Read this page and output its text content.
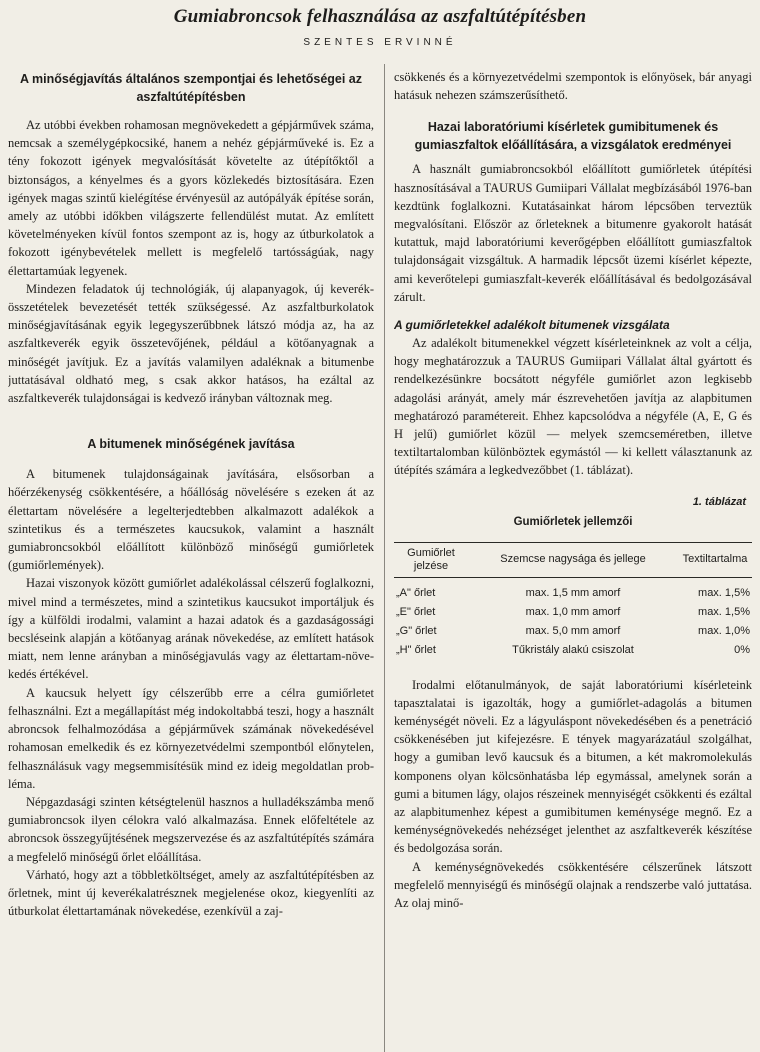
Gumiabroncsok felhasználása az aszfaltútépítésben
SZENTES ERVINNÉ
A minőségjavítás általános szempontjai és lehetőségei az aszfaltútépítésben

Az utóbbi években rohamosan megnövekedett a gépjárművek száma, nemcsak a személygépkocsiké, hanem a nehéz gépjárműveké is. Ez a tény fokozott igények megvalósítását követelte az útépítőktől a biztonságos, a kényelmes és a gyors közlekedés biztosítására. Ezen igények magas szintű kielégítése érvényesül az autópályák építése során, amely az utóbbi időkben világszerte fellendülést mutat. Az említett követelményeken kívül fontos szempont az is, hogy az útburkolatok a fokozott igénybevételek mellett is megfelelő tartósságúak, nagy élettartamúak legyenek.

Mindezen feladatok új technológiák, új alapanyagok, új keverék-összetételek bevezetését tették szükségessé. Az aszfaltburkolatok minőségjavításának egyik legegyszerűbbnek látszó módja az, ha az aszfaltkeverék egyik összetevőjének, például a kötőanyagnak a minőségét javítjuk. Ez a javítás valamilyen adaléknak a bitumenbe juttatásával oldható meg, s csak akkor hatásos, ha ezáltal az aszfaltkeverék tulajdonságai is kedvező irányban változnak meg.

A bitumenek minőségének javítása

A bitumenek tulajdonságainak javítására, elsősorban a hőérzékenység csökkentésére, a hőállóság növelésére s ezeken át az élettartam növelésére a legelterjedtebben alkalmazott adalékok a szintetikus és a természetes kaucsukok, valamint a használt gumiabroncsokból előállított különböző minőségű gumiőrletek (gumiőrlemények).

Hazai viszonyok között gumiőrlet adalékolással célszerű foglalkozni, mivel mind a természetes, mind a szintetikus kaucsukot importáljuk és így a külföldi irodalmi, valamint a hazai adatok és a gazdaságossági becsléseink alapján a kötőanyag arának növekedése, az említett hatások miatt, nem lenne arányban a minőségjavulás vagy az élettartam-növekedés értékével.

A kaucsuk helyett így célszerűbb erre a célra gumiőrletet felhasználni. Ezt a megállapítást még indokoltabbá teszi, hogy a használt abroncsok felhalmozódása a gépjárművek számának növekedésével rohamosan emelkedik és ez környezetvédelmi szempontból előnytelen, felhasználásuk vagy megsemmisítésük mind ez ideig megoldatlan probléma.

Népgazdasági szinten kétségtelenül hasznos a hulladékszámba menő gumiabroncsok ilyen célokra való alkalmazása. Ennek előfeltétele az abroncsok összegyűjtésének megszervezése és az aszfaltútépítés számára a megfelelő minőségű őrlet előállítása.

Várható, hogy azt a többletköltséget, amely az aszfaltútépítésben az őrletnek, mint új keverékalatrésznek megjelenése okoz, kiegyenlíti az útburkolat élettartamának növekedése, ezenkívül a zaj-

csökkenés és a környezetvédelmi szempontok is előnyösek, bár anyagi hatásuk nehezen számszerűsíthető.

Hazai laboratóriumi kísérletek gumibitumenek és gumiaszfaltok előállítására, a vizsgálatok eredményei

A használt gumiabroncsokból előállított gumiőrletek útépítési hasznosításával a TAURUS Gumiipari Vállalat megbízásából 1976-ban kezdtünk foglalkozni. Kutatásainkat három lépcsőben terveztük megvalósítani. Először az őrleteknek a bitumenre gyakorolt hatását kutattuk, majd laboratóriumi keverőgépben előállított gumiaszfaltok tulajdonságait vizsgáltuk. A harmadik lépcsőt üzemi kísérlet képezte, ami keverőtelepi gumiaszfalt-keverék előállításával és bedolgozásával zárult.

A gumiőrletekkel adalékolt bitumenek vizsgálata

Az adalékolt bitumenekkel végzett kísérleteinknek az volt a célja, hogy meghatározzuk a TAURUS Gumiipari Vállalat által gyártott és rendelkezésünkre bocsátott négyféle gumiőrlet azon legkisebb adagolási arányát, amely már észrevehetően javítja az alapbitumen meghatározó paramétereit. Ehhez kapcsolódva a négyféle (A, E, G és H jelű) gumiőrlet közül — melyek szemcseméretben, illetve textiltartalomban különböztek egymástól — ki kellett választanunk az útépítés számára a legkedvezőbbet (1. táblázat).

1. táblázat
Gumiőrletek jellemzői
Gumiőrlet jelzése	Szemcse nagysága és jellege	Textiltartalma
„A" őrlet	max. 1,5 mm amorf	max. 1,5%
„E" őrlet	max. 1,0 mm amorf	max. 1,5%
„G" őrlet	max. 5,0 mm amorf	max. 1,0%
„H" őrlet	Tűkristály alakú csiszolat	0%

Irodalmi előtanulmányok, de saját laboratóriumi kísérleteink tapasztalatai is igazolták, hogy a gumiőrlet-adagolás a bitumen keménységét növeli. Ez a lágyuláspont növekedésében és a penetráció csökkenésében jut kifejezésre. E tények magyarázatául szolgálhat, hogy a gumiban levő kaucsuk és a bitumen, a két makromolekulás komponens olyan kölcsönhatásba lép egymással, amelynek során a gumi a bitumen lágy, olajos részeinek mennyiségét csökkenti és ezáltal az alapbitumenhez képest a gumibitumen keménysége megnő. Ez a keménységnövekedés nehézséget jelenthet az aszfaltkeverék készítése és bedolgozása során.

A keménységnövekedés csökkentésére célszerűnek látszott megfelelő mennyiségű és minőségű olajnak a rendszerbe való juttatása. Az olaj minő-
